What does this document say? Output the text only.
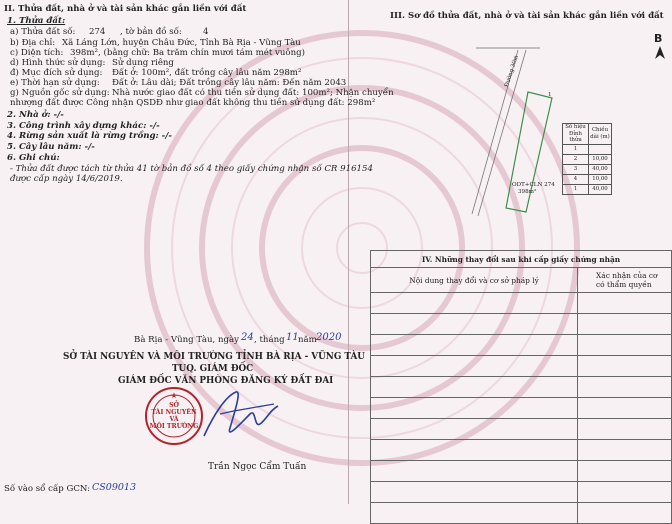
II. Thửa đất, nhà ở và tài sản khác gắn liền với đất
1. Thửa đất:
a) Thửa đất số: 274 , tờ bản đồ số: 4
b) Địa chỉ: Xã Láng Lớn, huyện Châu Đức, Tỉnh Bà Rịa - Vũng Tàu
c) Diện tích: 398m², (bằng chữ: Ba trăm chín mươi tám mét vuông)
d) Hình thức sử dụng: Sử dụng riêng
đ) Mục đích sử dụng: Đất ở: 100m², đất trồng cây lâu năm 298m²
e) Thời hạn sử dụng: Đất ở: Lâu dài; Đất trồng cây lâu năm: Đến năm 2043
g) Nguồn gốc sử dụng: Nhà nước giao đất có thu tiền sử dụng đất: 100m²; Nhận chuyển
nhượng đất được Công nhận QSDĐ như giao đất không thu tiền sử dụng đất: 298m²
2. Nhà ở: -/-
3. Công trình xây dựng khác: -/-
4. Rừng sản xuất là rừng trồng: -/-
5. Cây lâu năm: -/-
6. Ghi chú:
- Thửa đất được tách từ thửa 41 tờ bản đồ số 4 theo giấy chứng nhận số CR 916154
được cấp ngày 14/6/2019.
Bà Rịa - Vũng Tàu, ngày 24 , tháng 11 năm 2020
SỞ TÀI NGUYÊN VÀ MÔI TRƯỜNG TỈNH BÀ RỊA - VŨNG TÀU
TUQ. GIÁM ĐỐC
GIÁM ĐỐC VĂN PHÒNG ĐĂNG KÝ ĐẤT ĐAI
★
SỞ
TÀI NGUYÊN
VÀ
MÔI TRƯỜNG
Trần Ngọc Cẩm Tuấn
Số vào sổ cấp GCN: CS09013
III. Sơ đồ thửa đất, nhà ở và tài sản khác gắn liền với đất
B
Đường 30m
ODT+CLN 274
398m²
1
Số hiệu Đỉnh thửa	Chiều dài (m)
1	
2	10,00
3	40,00
4	10,00
1	40,00
IV. Những thay đổi sau khi cấp giấy chứng nhận	
Nội dung thay đổi và cơ sở pháp lý	Xác nhận của cơ
có thẩm quyền
